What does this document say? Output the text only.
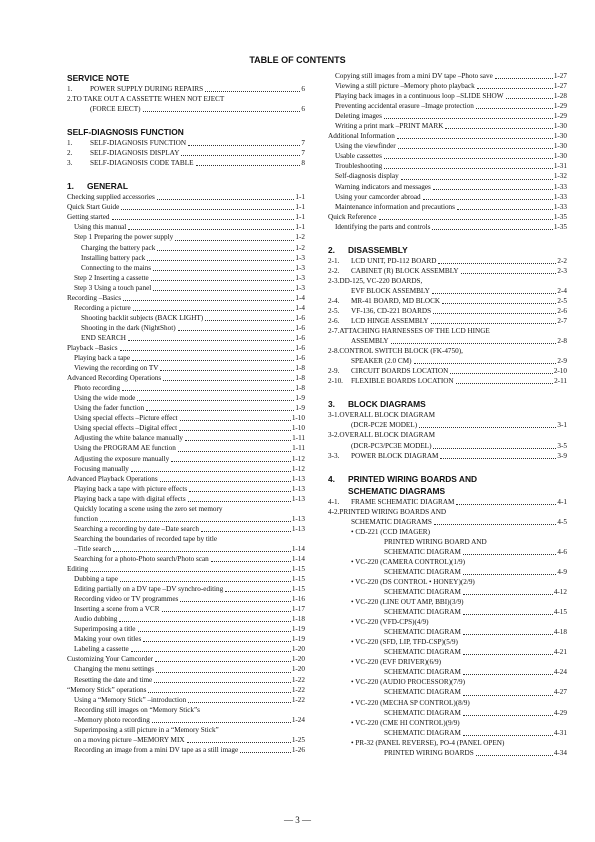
TABLE OF CONTENTS
SERVICE NOTE
1.	POWER SUPPLY DURING REPAIRS	6
2. TO TAKE OUT A CASSETTE WHEN NOT EJECT
(FORCE EJECT)	6
SELF-DIAGNOSIS FUNCTION
1.	SELF-DIAGNOSIS FUNCTION	7
2.	SELF-DIAGNOSIS DISPLAY	7
3.	SELF-DIAGNOSIS CODE TABLE	8
1.	GENERAL
Checking supplied accessories	1-1
Quick Start Guide	1-1
Getting started	1-1
Using this manual	1-1
Step 1 Preparing the power supply	1-2
Charging the battery pack	1-2
Installing battery pack	1-3
Connecting to the mains	1-3
Step 2 Inserting a cassette	1-3
Step 3 Using a touch panel	1-3
Recording –Basics	1-4
Recording a picture	1-4
Shooting backlit subjects (BACK LIGHT)	1-6
Shooting in the dark (NightShot)	1-6
END SEARCH	1-6
Playback –Basics	1-6
Playing back a tape	1-6
Viewing the recording on TV	1-8
Advanced Recording Operations	1-8
Photo recording	1-8
Using the wide mode	1-9
Using the fader function	1-9
Using special effects –Picture effect	1-10
Using special effects –Digital effect	1-10
Adjusting the white balance manually	1-11
Using the PROGRAM AE function	1-11
Adjusting the exposure manually	1-12
Focusing manually	1-12
Advanced Playback Operations	1-13
Playing back a tape with picture effects	1-13
Playing back a tape with digital effects	1-13
Quickly locating a scene using the zero set memory
function	1-13
Searching a recording by date –Date search	1-13
Searching the boundaries of recorded tape by title
–Title search	1-14
Searching for a photo-Photo search/Photo scan	1-14
Editing	1-15
Dubbing a tape	1-15
Editing partially on a DV tape –DV synchro-editing	1-15
Recording video or TV programmes	1-16
Inserting a scene from a VCR	1-17
Audio dubbing	1-18
Superimposing a title	1-19
Making your own titles	1-19
Labeling a cassette	1-20
Customizing Your Camcorder	1-20
Changing the menu settings	1-20
Resetting the date and time	1-22
“Memory Stick” operations	1-22
Using a “Memory Stick” –introduction	1-22
Recording still images on “Memory Stick”s
–Memory photo recording	1-24
Superimposing a still picture in a “Memory Stick”
on a moving picture –MEMORY MIX	1-25
Recording an image from a mini DV tape as a still image	1-26
Copying still images from a mini DV tape –Photo save	1-27
Viewing a still picture –Memory photo playback	1-27
Playing back images in a continuous loop –SLIDE SHOW	1-28
Preventing accidental erasure –Image protection	1-29
Deleting images	1-29
Writing a print mark –PRINT MARK	1-30
Additional Information	1-30
Using the viewfinder	1-30
Usable cassettes	1-30
Troubleshooting	1-31
Self-diagnosis display	1-32
Warning indicators and messages	1-33
Using your camcorder abroad	1-33
Maintenance information and precautions	1-33
Quick Reference	1-35
Identifying the parts and controls	1-35
2.	DISASSEMBLY
2-1.	LCD UNIT, PD-112 BOARD	2-2
2-2.	CABINET (R) BLOCK ASSEMBLY	2-3
2-3. DD-125, VC-220 BOARDS,
EVF BLOCK ASSEMBLY	2-4
2-4.	MR-41 BOARD, MD BLOCK	2-5
2-5.	VF-136, CD-221 BOARDS	2-6
2-6.	LCD HINGE ASSEMBLY	2-7
2-7. ATTACHING HARNESSES OF THE LCD HINGE
ASSEMBLY	2-8
2-8. CONTROL SWITCH BLOCK (FK-4750),
SPEAKER (2.0 CM)	2-9
2-9.	CIRCUIT BOARDS LOCATION	2-10
2-10.	FLEXIBLE BOARDS LOCATION	2-11
3.	BLOCK DIAGRAMS
3-1. OVERALL BLOCK DIAGRAM
(DCR-PC2E MODEL)	3-1
3-2. OVERALL BLOCK DIAGRAM
(DCR-PC3/PC3E MODEL)	3-5
3-3.	POWER BLOCK DIAGRAM	3-9
4.	PRINTED WIRING BOARDS AND
SCHEMATIC DIAGRAMS
4-1.	FRAME SCHEMATIC DIAGRAM	4-1
4-2. PRINTED WIRING BOARDS AND
SCHEMATIC DIAGRAMS	4-5
• CD-221 (CCD IMAGER)
PRINTED WIRING BOARD AND
SCHEMATIC DIAGRAM	4-6
• VC-220 (CAMERA CONTROL)(1/9)
SCHEMATIC DIAGRAM	4-9
• VC-220 (DS CONTROL • HONEY)(2/9)
SCHEMATIC DIAGRAM	4-12
• VC-220 (LINE OUT AMP, BBI)(3/9)
SCHEMATIC DIAGRAM	4-15
• VC-220 (VFD-CPS)(4/9)
SCHEMATIC DIAGRAM	4-18
• VC-220 (SFD, LIP, TFD-CSP)(5/9)
SCHEMATIC DIAGRAM	4-21
• VC-220 (EVF DRIVER)(6/9)
SCHEMATIC DIAGRAM	4-24
• VC-220 (AUDIO PROCESSOR)(7/9)
SCHEMATIC DIAGRAM	4-27
• VC-220 (MECHA SP CONTROL)(8/9)
SCHEMATIC DIAGRAM	4-29
• VC-220 (CME HI CONTROL)(9/9)
SCHEMATIC DIAGRAM	4-31
• PR-32 (PANEL REVERSE), PO-4 (PANEL OPEN)
PRINTED WIRING BOARDS	4-34
— 3 —
